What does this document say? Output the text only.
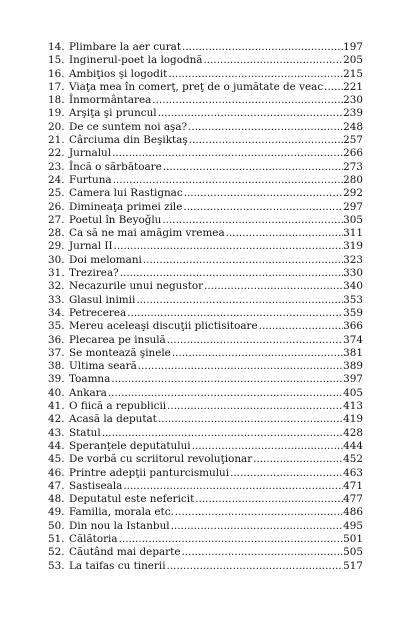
14. Plimbare la aer curat .....	197
15. Inginerul-poet la logodnă .....	205
16. Ambiţios şi logodit .....	215
17. Viaţa mea în comerţ, preţ de o jumătate de veac ..... 221
18. Înmormântarea .....	230
19. Arşiţa şi pruncul .....	239
20. De ce suntem noi aşa? .....	248
21. Cârciuma din Beşiktaş .....	257
22. Jurnalul .....	266
23. Încă o sărbătoare .....	273
24. Furtuna .....	280
25. Camera lui Rastignac .....	292
26. Dimineaţa primei zile .....	297
27. Poetul în Beyoğlu .....	305
28. Ca să ne mai amăgim vremea .....	311
29. Jurnal II .....	319
30. Doi melomani .....	323
31. Trezirea? .....	330
32. Necazurile unui negustor .....	340
33. Glasul inimii .....	353
34. Petrecerea .....	359
35. Mereu aceleaşi discuţii plictisitoare .....	366
36. Plecarea pe insulă .....	374
37. Se montează şinele .....	381
38. Ultima seară .....	389
39. Toamna .....	397
40. Ankara .....	405
41. O fiică a republicii .....	413
42. Acasă la deputat .....	419
43. Statul .....	428
44. Speranţele deputatului .....	444
45. De vorbă cu scriitorul revoluţionar .....	452
46. Printre adepţii panturcismului .....	463
47. Sastiseala .....	471
48. Deputatul este nefericit .....	477
49. Familia, morala etc. .....	486
50. Din nou la Istanbul .....	495
51. Călătoria .....	501
52. Căutând mai departe .....	505
53. La taifas cu tinerii .....	517
